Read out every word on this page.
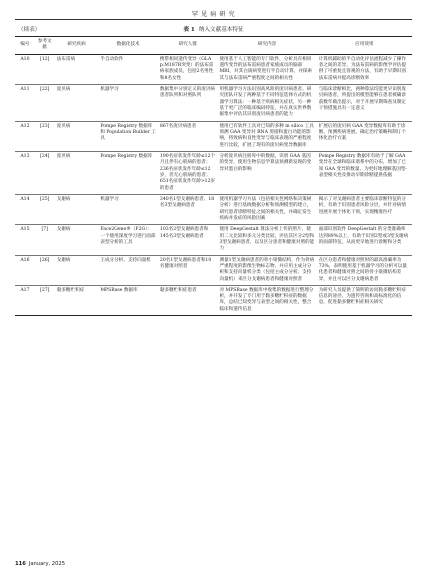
罕 见 病 研 究
（续表）	表 1 纳入文献基本特征
编号	参考文献	研究疾病	数据化技术	研究人群	研究内容	应用效果
A10	[12]	法布雷病	半自动软件	携带相同遗传变异（GLA p.M187R突变）的法布雷病家族成员，包括2名男性和8名女性	使用基于人工智能的专门软件，分析具有相同遗传变异的法布雷病患者家族成员的脑部MRI，对其白质病变进行半自动计算，并探索其与法布雷病严重程度之间的相关性	计算机辅助的半自动化评估流程减少了操作者之间的差异，为法布雷病的影像学评估提供了可重复且客观的方法，有助于早期识别法布雷病并提高诊断效率
A11	[22]	庞贝病	机器学习	数据集中分别定义的庞贝病患者队列和对照队列	用机器学习方法识别高风险的庞贝病患者。研究团队开发了两种基于不同特征选择方式的机器学习算法：一种基于疾病相关症状，另一种基于更广泛的临床编码特征，并在真实世界数据集中评估其识别庞贝病患者的能力	与临床诊断相比，两种算法均能更早识别庞贝病患者，所提出的模型能够在患者被确诊前数年做出提示，对于开展早期筛查及制定干预措施具有一定意义
A12	[23]	庞贝病	Pompe Registry 数据库和 Population Builder 工具	867名庞贝病患者	使用已有软件工具对已知的多种 in silico 工具预测 GAA 变异对 RNA 剪接和蛋白功能的影响，将致病和良性变异与临床表现的严重程度进行比较，扩展了现有的庞贝病变异数据库	扩展后的庞贝病 GAA 变异数据库有助于诊断、预测疾病进展、确定治疗策略和制订个体化治疗方案
A13	[24]	庞贝病	Pompe Registry 数据库	190名症状发作年龄≤12个月且伴有心肌病的患者；236名症状发作年龄≤12岁，但无心肌病的患者；651名症状发作年龄>12岁的患者	分析庞贝病注册库中的数据，识别 GAA 基因的变异，使用生物信息学算法预测新发现的变异对蛋白的影响	Pompe Registry 数据库有助于了解 GAA 变异在全球和临床谱系中的分布，增加了已知 GAA 变异的数量，为更好地理解基因型-表型相关性及推动早期诊断提供依据
A14	[25]	戈谢病	机器学习	340名1型戈谢病患者、18名3型戈谢病患者	使用机器学习方法（包括相关性网络和决策树分析）进行基线数据分析和预测模型的建立，研究患者诊断特征之间的相关性，并确定发生疾病并发症的风险因素	揭示了对戈谢病患者主要临床诊断特征的分析，有助于识别患者风险分层，并针对病情进展开展个体化干预，实现精准医疗
A15	[7]	戈谢病	Face2Gene®（F2G）：一个使用深度学习进行面部表型分析的工具	103名2型戈谢病患者和145名3型戈谢病患者	使用 DeepGestalt 算法分析上传的照片，使用二元比较和多元分类比较，评估其区分2型和3型戈谢病患者，以及区分患者和健康对照的能力	面部识别软件 DeepGestalt 的分类准确率达到89%以上，有助于识别2型或3型戈谢病的面部特征，从而更早地进行诊断和分类
A16	[26]	戈谢病	王成分分析、支持向量机	20名1型戈谢病患者和10名健康对照者	测量1型戈谢病患者的骨小梁微结构，作为骨病严重程度的影像生物标志物，并应用主成分分析和支持向量机分类（包括主成分分析、支持向量机）来区分戈谢病患者和健康对照者	在区分患者和健康对照时的最高准确率为73%，表明使用基于机器学习的分析可以量化患者和健康对照之间的骨小梁微结构差异，并且可以区分戈谢病患者
A17	[27]	黏多糖贮积症	MPSBase 数据库	黏多糖贮积症患者	对 MPSBase 数据库中收集的数据进行整理分析，并开发了专门用于黏多糖贮积症的数据库，总结已知变异与表型之间的相关性，整合临床和遗传信息	为研究人员提供了简明的访问黏多糖贮积症信息的途径，为遗传咨询和高标准化的信息，促进黏多糖贮积症相关研究
116 January, 2025
